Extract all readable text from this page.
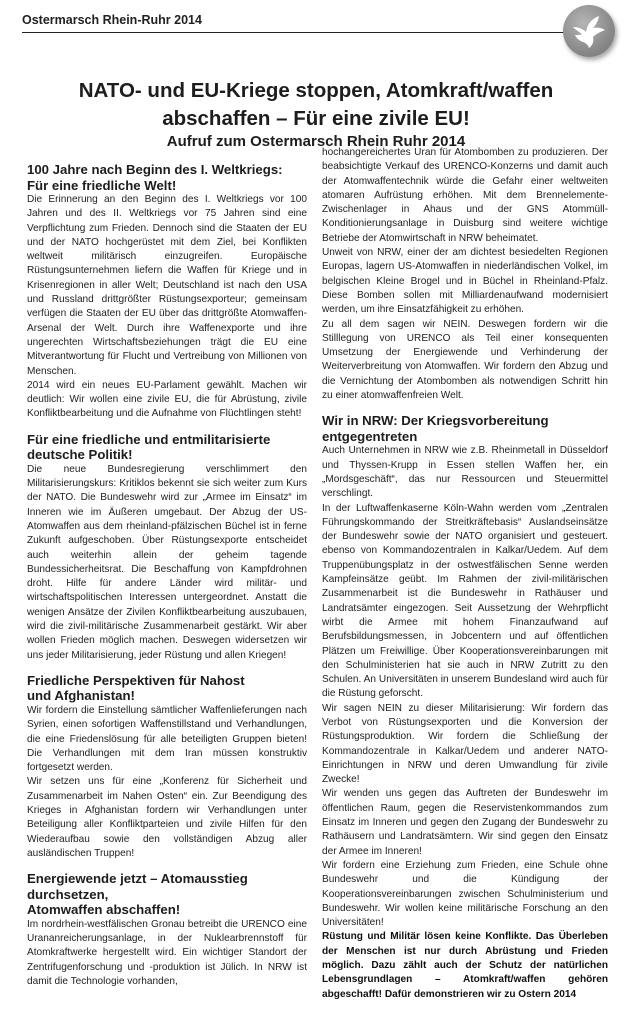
Ostermarsch Rhein-Ruhr 2014
NATO- und EU-Kriege stoppen, Atomkraft/waffen
abschaffen – Für eine zivile EU!
Aufruf zum Ostermarsch Rhein Ruhr 2014
100 Jahre nach Beginn des I. Weltkriegs:
Für eine friedliche Welt!

Die Erinnerung an den Beginn des I. Weltkriegs vor 100 Jahren und des II. Weltkriegs vor 75 Jahren sind eine Verpflichtung zum Frieden. Dennoch sind die Staaten der EU und der NATO hochgerüstet mit dem Ziel, bei Konflikten weltweit militärisch einzugreifen. Europäische Rüstungsunternehmen liefern die Waffen für Kriege und in Krisenregionen in aller Welt; Deutschland ist nach den USA und Russland drittgrößter Rüstungsexporteur; gemeinsam verfügen die Staaten der EU über das drittgrößte Atomwaffen-Arsenal der Welt. Durch ihre Waffenexporte und ihre ungerechten Wirtschaftsbeziehungen trägt die EU eine Mitverantwortung für Flucht und Vertreibung von Millionen von Menschen.

2014 wird ein neues EU-Parlament gewählt. Machen wir deutlich: Wir wollen eine zivile EU, die für Abrüstung, zivile Konfliktbearbeitung und die Aufnahme von Flüchtlingen steht!

Für eine friedliche und entmilitarisierte
deutsche Politik!

Die neue Bundesregierung verschlimmert den Militarisierungskurs: Kritiklos bekennt sie sich weiter zum Kurs der NATO. Die Bundeswehr wird zur „Armee im Einsatz“ im Inneren wie im Äußeren umgebaut. Der Abzug der US-Atomwaffen aus dem rheinland-pfälzischen Büchel ist in ferne Zukunft aufgeschoben. Über Rüstungsexporte entscheidet auch weiterhin allein der geheim tagende Bundessicherheitsrat. Die Beschaffung von Kampfdrohnen droht. Hilfe für andere Länder wird militär- und wirtschaftspolitischen Interessen untergeordnet. Anstatt die wenigen Ansätze der Zivilen Konfliktbearbeitung auszubauen, wird die zivil-militärische Zusammenarbeit gestärkt. Wir aber wollen Frieden möglich machen. Deswegen widersetzen wir uns jeder Militarisierung, jeder Rüstung und allen Kriegen!

Friedliche Perspektiven für Nahost
und Afghanistan!

Wir fordern die Einstellung sämtlicher Waffenlieferungen nach Syrien, einen sofortigen Waffenstillstand und Verhandlungen, die eine Friedenslösung für alle beteiligten Gruppen bieten! Die Verhandlungen mit dem Iran müssen konstruktiv fortgesetzt werden.

Wir setzen uns für eine „Konferenz für Sicherheit und Zusammenarbeit im Nahen Osten“ ein. Zur Beendigung des Krieges in Afghanistan fordern wir Verhandlungen unter Beteiligung aller Konfliktparteien und zivile Hilfen für den Wiederaufbau sowie den vollständigen Abzug aller ausländischen Truppen!

Energiewende jetzt – Atomausstieg durchsetzen,
Atomwaffen abschaffen!

Im nordrhein-westfälischen Gronau betreibt die URENCO eine Urananreicherungsanlage, in der Nuklearbrennstoff für Atomkraftwerke hergestellt wird. Ein wichtiger Standort der Zentrifugenforschung und -produktion ist Jülich. In NRW ist damit die Technologie vorhanden,

hochangereichertes Uran für Atombomben zu produzieren. Der beabsichtigte Verkauf des URENCO-Konzerns und damit auch der Atomwaffentechnik würde die Gefahr einer weltweiten atomaren Aufrüstung erhöhen. Mit dem Brennelemente-Zwischenlager in Ahaus und der GNS Atommüll-Konditionierungsanlage in Duisburg sind weitere wichtige Betriebe der Atomwirtschaft in NRW beheimatet.

Unweit von NRW, einer der am dichtest besiedelten Regionen Europas, lagern US-Atomwaffen in niederländischen Volkel, im belgischen Kleine Brogel und in Büchel in Rheinland-Pfalz. Diese Bomben sollen mit Milliardenaufwand modernisiert werden, um ihre Einsatzfähigkeit zu erhöhen.

Zu all dem sagen wir NEIN. Deswegen fordern wir die Stilllegung von URENCO als Teil einer konsequenten Umsetzung der Energiewende und Verhinderung der Weiterverbreitung von Atomwaffen. Wir fordern den Abzug und die Vernichtung der Atombomben als notwendigen Schritt hin zu einer atomwaffenfreien Welt.

Wir in NRW: Der Kriegsvorbereitung
entgegentreten

Auch Unternehmen in NRW wie z.B. Rheinmetall in Düsseldorf und Thyssen-Krupp in Essen stellen Waffen her, ein „Mordsgeschäft“, das nur Ressourcen und Steuermittel verschlingt.

In der Luftwaffenkaserne Köln-Wahn werden vom „Zentralen Führungskommando der Streitkräftebasis“ Auslandseinsätze der Bundeswehr sowie der NATO organisiert und gesteuert. ebenso von Kommandozentralen in Kalkar/Uedem. Auf dem Truppenübungsplatz in der ostwestfälischen Senne werden Kampfeinsätze geübt. Im Rahmen der zivil-militärischen Zusammenarbeit ist die Bundeswehr in Rathäuser und Landratsämter eingezogen. Seit Aussetzung der Wehrpflicht wirbt die Armee mit hohem Finanzaufwand auf Berufsbildungsmessen, in Jobcentern und auf öffentlichen Plätzen um Freiwillige. Über Kooperationsvereinbarungen mit den Schulministerien hat sie auch in NRW Zutritt zu den Schulen. An Universitäten in unserem Bundesland wird auch für die Rüstung geforscht.

Wir sagen NEIN zu dieser Militarisierung: Wir fordern das Verbot von Rüstungsexporten und die Konversion der Rüstungsproduktion. Wir fordern die Schließung der Kommandozentrale in Kalkar/Uedem und anderer NATO-Einrichtungen in NRW und deren Umwandlung für zivile Zwecke!

Wir wenden uns gegen das Auftreten der Bundeswehr im öffentlichen Raum, gegen die Reservistenkommandos zum Einsatz im Inneren und gegen den Zugang der Bundeswehr zu Rathäusern und Landratsämtern. Wir sind gegen den Einsatz der Armee im Inneren!

Wir fordern eine Erziehung zum Frieden, eine Schule ohne Bundeswehr und die Kündigung der Kooperationsvereinbarungen zwischen Schulministerium und Bundeswehr. Wir wollen keine militärische Forschung an den Universitäten!

Rüstung und Militär lösen keine Konflikte. Das Überleben der Menschen ist nur durch Abrüstung und Frieden möglich. Dazu zählt auch der Schutz der natürlichen Lebensgrundlagen – Atomkraft/waffen gehören abgeschafft! Dafür demonstrieren wir zu Ostern 2014
